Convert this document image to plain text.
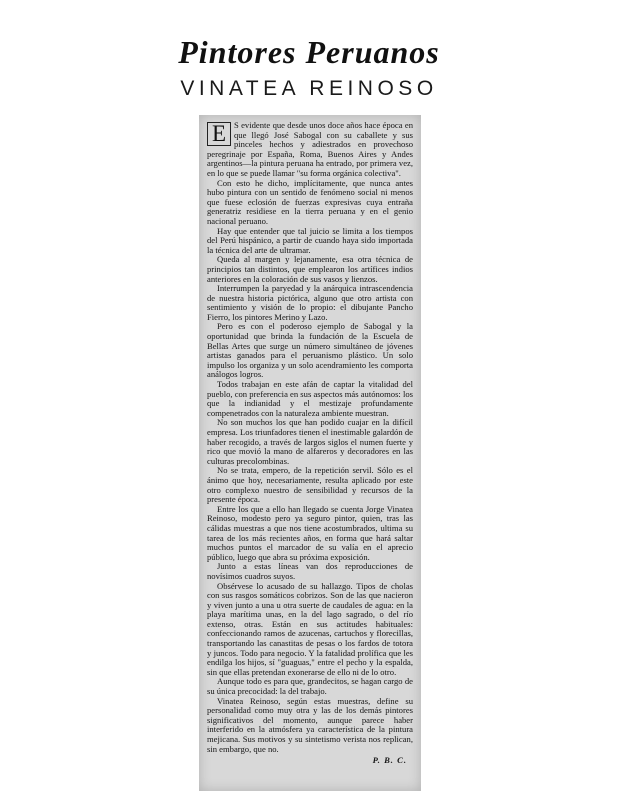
Pintores Peruanos
VINATEA REINOSO

E S evidente que desde unos doce años hace época en que llegó José Sabogal con su caballete y sus pinceles hechos y adiestrados en provechoso peregrinaje por España, Roma, Buenos Aires y Andes argentinos—la pintura peruana ha entrado, por primera vez, en lo que se puede llamar "su forma orgánica colectiva".

Con esto he dicho, implícitamente, que nunca antes hubo pintura con un sentido de fenómeno social ni menos que fuese eclosión de fuerzas expresivas cuya entraña generatriz residiese en la tierra peruana y en el genio nacional peruano.

Hay que entender que tal juicio se limita a los tiempos del Perú hispánico, a partir de cuando haya sido importada la técnica del arte de ultramar.

Queda al margen y lejanamente, esa otra técnica de principios tan distintos, que emplearon los artífices indios anteriores en la coloración de sus vasos y lienzos.

Interrumpen la paryedad y la anárquica intrascendencia de nuestra historia pictórica, alguno que otro artista con sentimiento y visión de lo propio: el dibujante Pancho Fierro, los pintores Merino y Lazo.

Pero es con el poderoso ejemplo de Sabogal y la oportunidad que brinda la fundación de la Escuela de Bellas Artes que surge un número simultáneo de jóvenes artistas ganados para el peruanismo plástico. Un solo impulso los organiza y un solo acendramiento les comporta análogos logros.

Todos trabajan en este afán de captar la vitalidad del pueblo, con preferencia en sus aspectos más autónomos: los que la indianidad y el mestizaje profundamente compenetrados con la naturaleza ambiente muestran.

No son muchos los que han podido cuajar en la difícil empresa. Los triunfadores tienen el inestimable galardón de haber recogido, a través de largos siglos el numen fuerte y rico que movió la mano de alfareros y decoradores en las culturas precolombinas.

No se trata, empero, de la repetición servil. Sólo es el ánimo que hoy, necesariamente, resulta aplicado por este otro complexo nuestro de sensibilidad y recursos de la presente época.

Entre los que a ello han llegado se cuenta Jorge Vinatea Reinoso, modesto pero ya seguro pintor, quien, tras las cálidas muestras a que nos tiene acostumbrados, ultima su tarea de los más recientes años, en forma que hará saltar muchos puntos el marcador de su valía en el aprecio público, luego que abra su próxima exposición.

Junto a estas líneas van dos reproducciones de novísimos cuadros suyos.

Obsérvese lo acusado de su hallazgo. Tipos de cholas con sus rasgos somáticos cobrizos. Son de las que nacieron y viven junto a una u otra suerte de caudales de agua: en la playa marítima unas, en la del lago sagrado, o del río extenso, otras. Están en sus actitudes habituales: confeccionando ramos de azucenas, cartuchos y florecillas, transportando las canastitas de pesas o los fardos de totora y juncos. Todo para negocio. Y la fatalidad prolífica que les endilga los hijos, sí "guaguas," entre el pecho y la espalda, sin que ellas pretendan exonerarse de ello ni de lo otro.

Aunque todo es para que, grandecitos, se hagan cargo de su única precocidad: la del trabajo.

Vinatea Reinoso, según estas muestras, define su personalidad como muy otra y las de los demás pintores significativos del momento, aunque parece haber interferido en la atmósfera ya característica de la pintura mejicana. Sus motivos y su sintetismo verista nos replican, sin embargo, que no.

P. B. C.
